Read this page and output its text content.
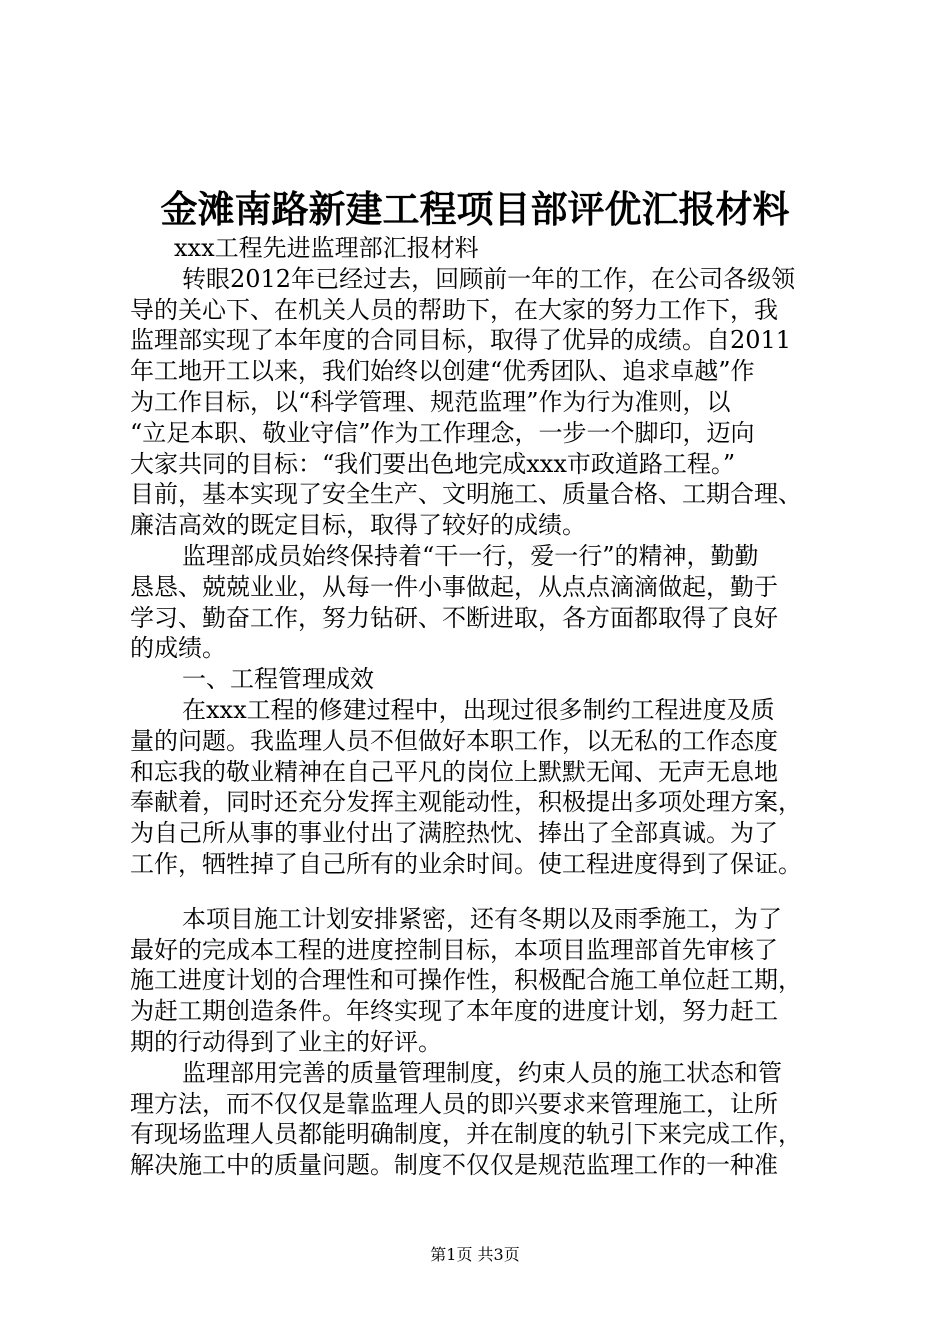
金滩南路新建工程项目部评优汇报材料
xxx工程先进监理部汇报材料
转眼2012年已经过去，回顾前一年的工作，在公司各级领
导的关心下、在机关人员的帮助下，在大家的努力工作下，我
监理部实现了本年度的合同目标，取得了优异的成绩。自2011
年工地开工以来，我们始终以创建“优秀团队、追求卓越”作
为工作目标，以“科学管理、规范监理”作为行为准则，以
“立足本职、敬业守信”作为工作理念，一步一个脚印，迈向
大家共同的目标：“我们要出色地完成xxx市政道路工程。”
目前，基本实现了安全生产、文明施工、质量合格、工期合理、
廉洁高效的既定目标，取得了较好的成绩。
监理部成员始终保持着“干一行，爱一行”的精神，勤勤
恳恳、兢兢业业，从每一件小事做起，从点点滴滴做起，勤于
学习、勤奋工作，努力钻研、不断进取，各方面都取得了良好
的成绩。
一、工程管理成效
在xxx工程的修建过程中，出现过很多制约工程进度及质
量的问题。我监理人员不但做好本职工作，以无私的工作态度
和忘我的敬业精神在自己平凡的岗位上默默无闻、无声无息地
奉献着，同时还充分发挥主观能动性，积极提出多项处理方案，
为自己所从事的事业付出了满腔热忱、捧出了全部真诚。为了
工作，牺牲掉了自己所有的业余时间。使工程进度得到了保证。
本项目施工计划安排紧密，还有冬期以及雨季施工，为了
最好的完成本工程的进度控制目标，本项目监理部首先审核了
施工进度计划的合理性和可操作性，积极配合施工单位赶工期，
为赶工期创造条件。年终实现了本年度的进度计划，努力赶工
期的行动得到了业主的好评。
监理部用完善的质量管理制度，约束人员的施工状态和管
理方法，而不仅仅是靠监理人员的即兴要求来管理施工，让所
有现场监理人员都能明确制度，并在制度的轨引下来完成工作，
解决施工中的质量问题。制度不仅仅是规范监理工作的一种准
第1页 共3页
